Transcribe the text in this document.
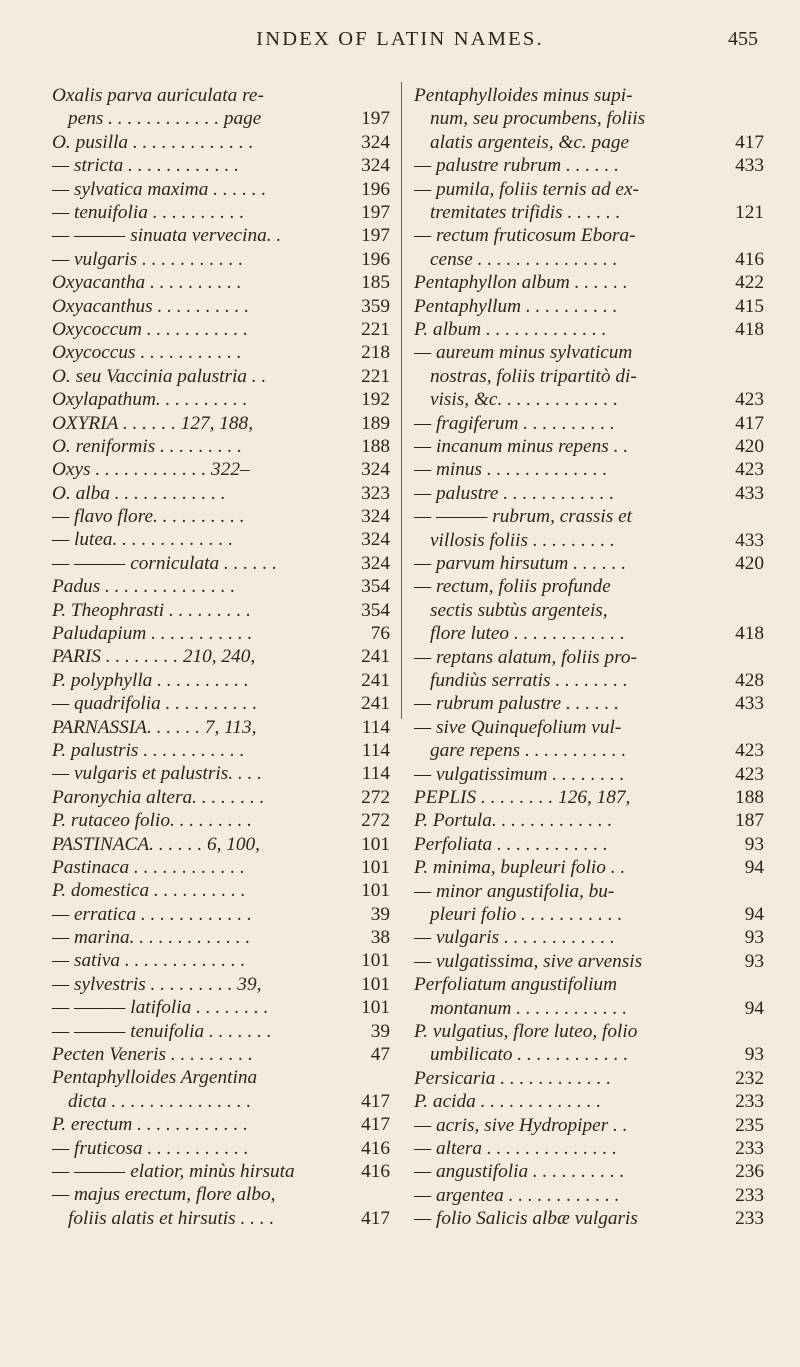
INDEX OF LATIN NAMES.	455
Oxalis parva auriculata re-
pens . . . . . . . . . . . . page	197
O. pusilla . . . . . . . . . . . . .	324
— stricta . . . . . . . . . . . .	324
— sylvatica maxima . . . . . .	196
— tenuifolia . . . . . . . . . .	197
— ——— sinuata vervecina. .	197
— vulgaris . . . . . . . . . . .	196
Oxyacantha . . . . . . . . . .	185
Oxyacanthus . . . . . . . . . .	359
Oxycoccum . . . . . . . . . . .	221
Oxycoccus . . . . . . . . . . .	218
O. seu Vaccinia palustria . .	221
Oxylapathum. . . . . . . . . .	192
OXYRIA . . . . . . 127, 188,	189
O. reniformis . . . . . . . . .	188
Oxys . . . . . . . . . . . . 322–	324
O. alba . . . . . . . . . . . .	323
— flavo flore. . . . . . . . . .	324
— lutea. . . . . . . . . . . . .	324
— ——— corniculata . . . . . .	324
Padus . . . . . . . . . . . . . .	354
P. Theophrasti . . . . . . . . .	354
Paludapium . . . . . . . . . . .	76
PARIS . . . . . . . . 210, 240,	241
P. polyphylla . . . . . . . . . .	241
— quadrifolia . . . . . . . . . .	241
PARNASSIA. . . . . . 7, 113,	114
P. palustris . . . . . . . . . . .	114
— vulgaris et palustris. . . .	114
Paronychia altera. . . . . . . .	272
P. rutaceo folio. . . . . . . . .	272
PASTINACA. . . . . . 6, 100,	101
Pastinaca . . . . . . . . . . . .	101
P. domestica . . . . . . . . . .	101
— erratica . . . . . . . . . . . .	39
— marina. . . . . . . . . . . . .	38
— sativa . . . . . . . . . . . . .	101
— sylvestris . . . . . . . . . 39,	101
— ——— latifolia . . . . . . . .	101
— ——— tenuifolia . . . . . . .	39
Pecten Veneris . . . . . . . . .	47
Pentaphylloides Argentina
dicta . . . . . . . . . . . . . . .	417
P. erectum . . . . . . . . . . . .	417
— fruticosa . . . . . . . . . . .	416
— ——— elatior, minùs hirsuta	416
— majus erectum, flore albo,
foliis alatis et hirsutis . . . .	417
Pentaphylloides minus supi-
num, seu procumbens, foliis
alatis argenteis, &c. page	417
— palustre rubrum . . . . . .	433
— pumila, foliis ternis ad ex-
tremitates trifidis . . . . . .	121
— rectum fruticosum Ebora-
cense . . . . . . . . . . . . . . .	416
Pentaphyllon album . . . . . .	422
Pentaphyllum . . . . . . . . . .	415
P. album . . . . . . . . . . . . .	418
— aureum minus sylvaticum
nostras, foliis tripartitò di-
visis, &c. . . . . . . . . . . . .	423
— fragiferum . . . . . . . . . .	417
— incanum minus repens . .	420
— minus . . . . . . . . . . . . .	423
— palustre . . . . . . . . . . . .	433
— ——— rubrum, crassis et
villosis foliis . . . . . . . . .	433
— parvum hirsutum . . . . . .	420
— rectum, foliis profunde
sectis subtùs argenteis,
flore luteo . . . . . . . . . . . .	418
— reptans alatum, foliis pro-
fundiùs serratis . . . . . . . .	428
— rubrum palustre . . . . . .	433
— sive Quinquefolium vul-
gare repens . . . . . . . . . . .	423
— vulgatissimum . . . . . . . .	423
PEPLIS . . . . . . . . 126, 187,	188
P. Portula. . . . . . . . . . . . .	187
Perfoliata . . . . . . . . . . . .	93
P. minima, bupleuri folio . .	94
— minor angustifolia, bu-
pleuri folio . . . . . . . . . . .	94
— vulgaris . . . . . . . . . . . .	93
— vulgatissima, sive arvensis	93
Perfoliatum angustifolium
montanum . . . . . . . . . . . .	94
P. vulgatius, flore luteo, folio
umbilicato . . . . . . . . . . . .	93
Persicaria . . . . . . . . . . . .	232
P. acida . . . . . . . . . . . . .	233
— acris, sive Hydropiper . .	235
— altera . . . . . . . . . . . . . .	233
— angustifolia . . . . . . . . . .	236
— argentea . . . . . . . . . . . .	233
— folio Salicis albæ vulgaris	233
